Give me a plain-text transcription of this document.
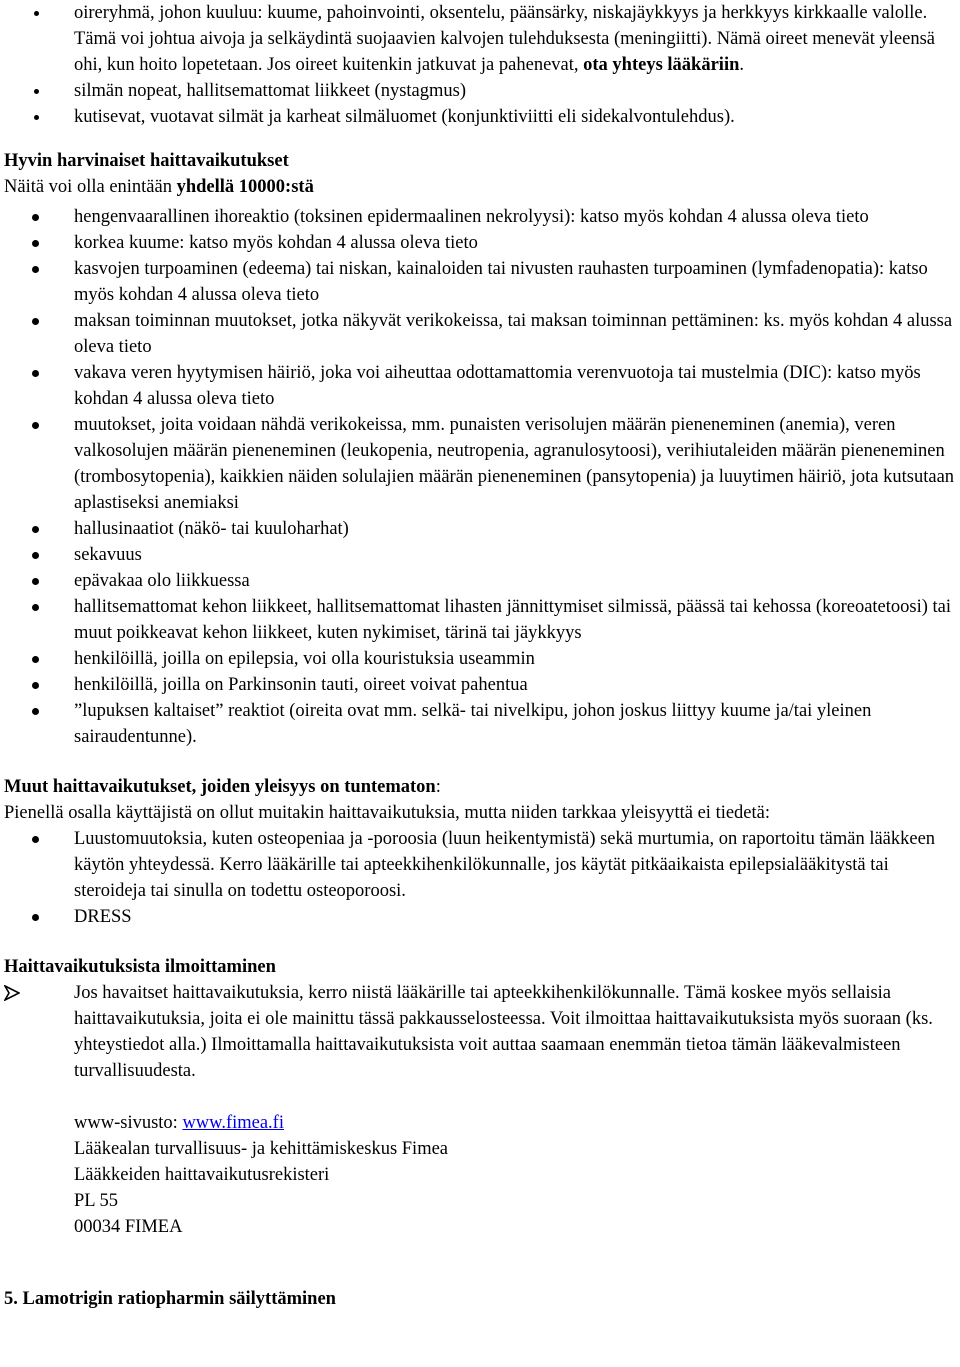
oireryhmä, johon kuuluu: kuume, pahoinvointi, oksentelu, päänsärky, niskajäykkyys ja herkkyys kirkkaalle valolle. Tämä voi johtua aivoja ja selkäydintä suojaavien kalvojen tulehduksesta (meningiitti). Nämä oireet menevät yleensä ohi, kun hoito lopetetaan. Jos oireet kuitenkin jatkuvat ja pahenevat, ota yhteys lääkäriin.
silmän nopeat, hallitsemattomat liikkeet (nystagmus)
kutisevat, vuotavat silmät ja karheat silmäluomet (konjunktiviitti eli sidekalvontulehdus).
Hyvin harvinaiset haittavaikutukset
Näitä voi olla enintään yhdellä 10000:stä
hengenvaarallinen ihoreaktio (toksinen epidermaalinen nekrolyysi): katso myös kohdan 4 alussa oleva tieto
korkea kuume: katso myös kohdan 4 alussa oleva tieto
kasvojen turpoaminen (edeema) tai niskan, kainaloiden tai nivusten rauhasten turpoaminen (lymfadenopatia): katso myös kohdan 4 alussa oleva tieto
maksan toiminnan muutokset, jotka näkyvät verikokeissa, tai maksan toiminnan pettäminen: ks. myös kohdan 4 alussa oleva tieto
vakava veren hyytymisen häiriö, joka voi aiheuttaa odottamattomia verenvuotoja tai mustelmia (DIC): katso myös kohdan 4 alussa oleva tieto
muutokset, joita voidaan nähdä verikokeissa, mm. punaisten verisolujen määrän pieneneminen (anemia), veren valkosolujen määrän pieneneminen (leukopenia, neutropenia, agranulosytoosi), verihiutaleiden määrän pieneneminen (trombosytopenia), kaikkien näiden solulajien määrän pieneneminen (pansytopenia) ja luuytimen häiriö, jota kutsutaan aplastiseksi anemiaksi
hallusinaatiot (näkö- tai kuuloharhat)
sekavuus
epävakaa olo liikkuessa
hallitsemattomat kehon liikkeet, hallitsemattomat lihasten jännittymiset silmissä, päässä tai kehossa (koreoatetoosi) tai muut poikkeavat kehon liikkeet, kuten nykimiset, tärinä tai jäykkyys
henkilöillä, joilla on epilepsia, voi olla kouristuksia useammin
henkilöillä, joilla on Parkinsonin tauti, oireet voivat pahentua
”lupuksen kaltaiset” reaktiot (oireita ovat mm. selkä- tai nivelkipu, johon joskus liittyy kuume ja/tai yleinen sairaudentunne).
Muut haittavaikutukset, joiden yleisyys on tuntematon:
Pienellä osalla käyttäjistä on ollut muitakin haittavaikutuksia, mutta niiden tarkkaa yleisyyttä ei tiedetä:
Luustomuutoksia, kuten osteopeniaa ja -poroosia (luun heikentymistä) sekä murtumia, on raportoitu tämän lääkkeen käytön yhteydessä. Kerro lääkärille tai apteekkihenkilökunnalle, jos käytät pitkäaikaista epilepsialääkitystä tai steroideja tai sinulla on todettu osteoporoosi.
DRESS
Haittavaikutuksista ilmoittaminen
Jos havaitset haittavaikutuksia, kerro niistä lääkärille tai apteekkihenkilökunnalle. Tämä koskee myös sellaisia haittavaikutuksia, joita ei ole mainittu tässä pakkausselosteessa. Voit ilmoittaa haittavaikutuksista myös suoraan (ks. yhteystiedot alla.) Ilmoittamalla haittavaikutuksista voit auttaa saamaan enemmän tietoa tämän lääkevalmisteen turvallisuudesta.
www-sivusto: www.fimea.fi
Lääkealan turvallisuus- ja kehittämiskeskus Fimea
Lääkkeiden haittavaikutusrekisteri
PL 55
00034 FIMEA
5. Lamotrigin ratiopharmin säilyttäminen
